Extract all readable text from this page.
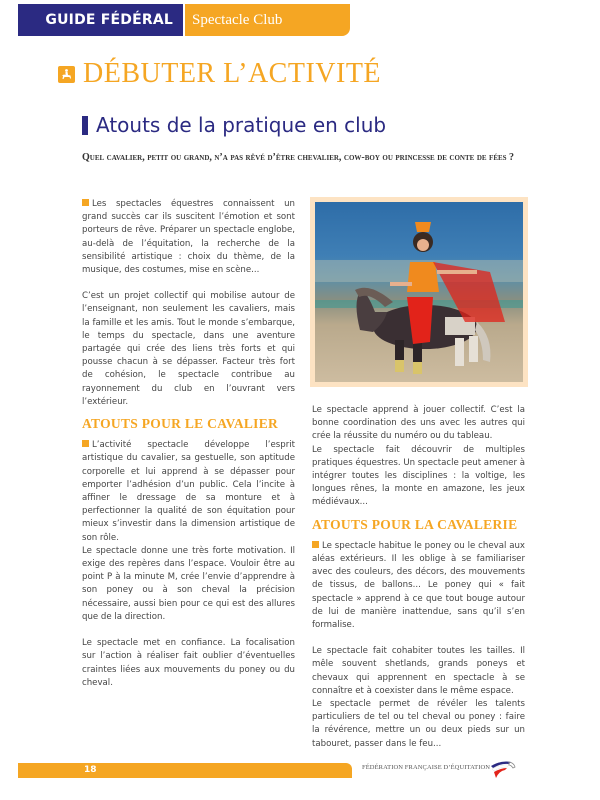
GUIDE FÉDÉRAL	Spectacle Club
DÉBUTER L’ACTIVITÉ
Atouts de la pratique en club
Quel cavalier, petit ou grand, n’a pas rêvé d’être chevalier, cow-boy ou princesse de conte de fées ?

Les spectacles équestres connaissent un grand succès car ils suscitent l’émotion et sont porteurs de rêve. Préparer un spectacle englobe, au-delà de l’équitation, la recherche de la sensibilité artistique : choix du thème, de la musique, des costumes, mise en scène...

C’est un projet collectif qui mobilise autour de l’enseignant, non seulement les cavaliers, mais la famille et les amis. Tout le monde s’embarque, le temps du spectacle, dans une aventure partagée qui crée des liens très forts et qui pousse chacun à se dépasser. Facteur très fort de cohésion, le spectacle contribue au rayonnement du club en l’ouvrant vers l’extérieur.

ATOUTS POUR LE CAVALIER

L’activité spectacle développe l’esprit artistique du cavalier, sa gestuelle, son aptitude corporelle et lui apprend à se dépasser pour emporter l’adhésion d’un public. Cela l’incite à affiner le dressage de sa monture et à perfectionner la qualité de son équitation pour mieux s’investir dans la dimension artistique de son rôle.

Le spectacle donne une très forte motivation. Il exige des repères dans l’espace. Vouloir être au point P à la minute M, crée l’envie d’apprendre à son poney ou à son cheval la précision nécessaire, aussi bien pour ce qui est des allures que de la direction.

Le spectacle met en confiance. La focalisation sur l’action à réaliser fait oublier d’éventuelles craintes liées aux mouvements du poney ou du cheval.

Le spectacle apprend à jouer collectif. C’est la bonne coordination des uns avec les autres qui crée la réussite du numéro ou du tableau.

Le spectacle fait découvrir de multiples pratiques équestres. Un spectacle peut amener à intégrer toutes les disciplines : la voltige, les longues rênes, la monte en amazone, les jeux médiévaux...

ATOUTS POUR LA CAVALERIE

Le spectacle habitue le poney ou le cheval aux aléas extérieurs. Il les oblige à se familiariser avec des couleurs, des décors, des mouvements de tissus, de ballons... Le poney qui « fait spectacle » apprend à ce que tout bouge autour de lui de manière inattendue, sans qu’il s’en formalise.

Le spectacle fait cohabiter toutes les tailles. Il mêle souvent shetlands, grands poneys et chevaux qui apprennent en spectacle à se connaître et à coexister dans le même espace.

Le spectacle permet de révéler les talents particuliers de tel ou tel cheval ou poney : faire la révérence, mettre un ou deux pieds sur un tabouret, passer dans le feu...

18	FÉDÉRATION FRANÇAISE D’ÉQUITATION
